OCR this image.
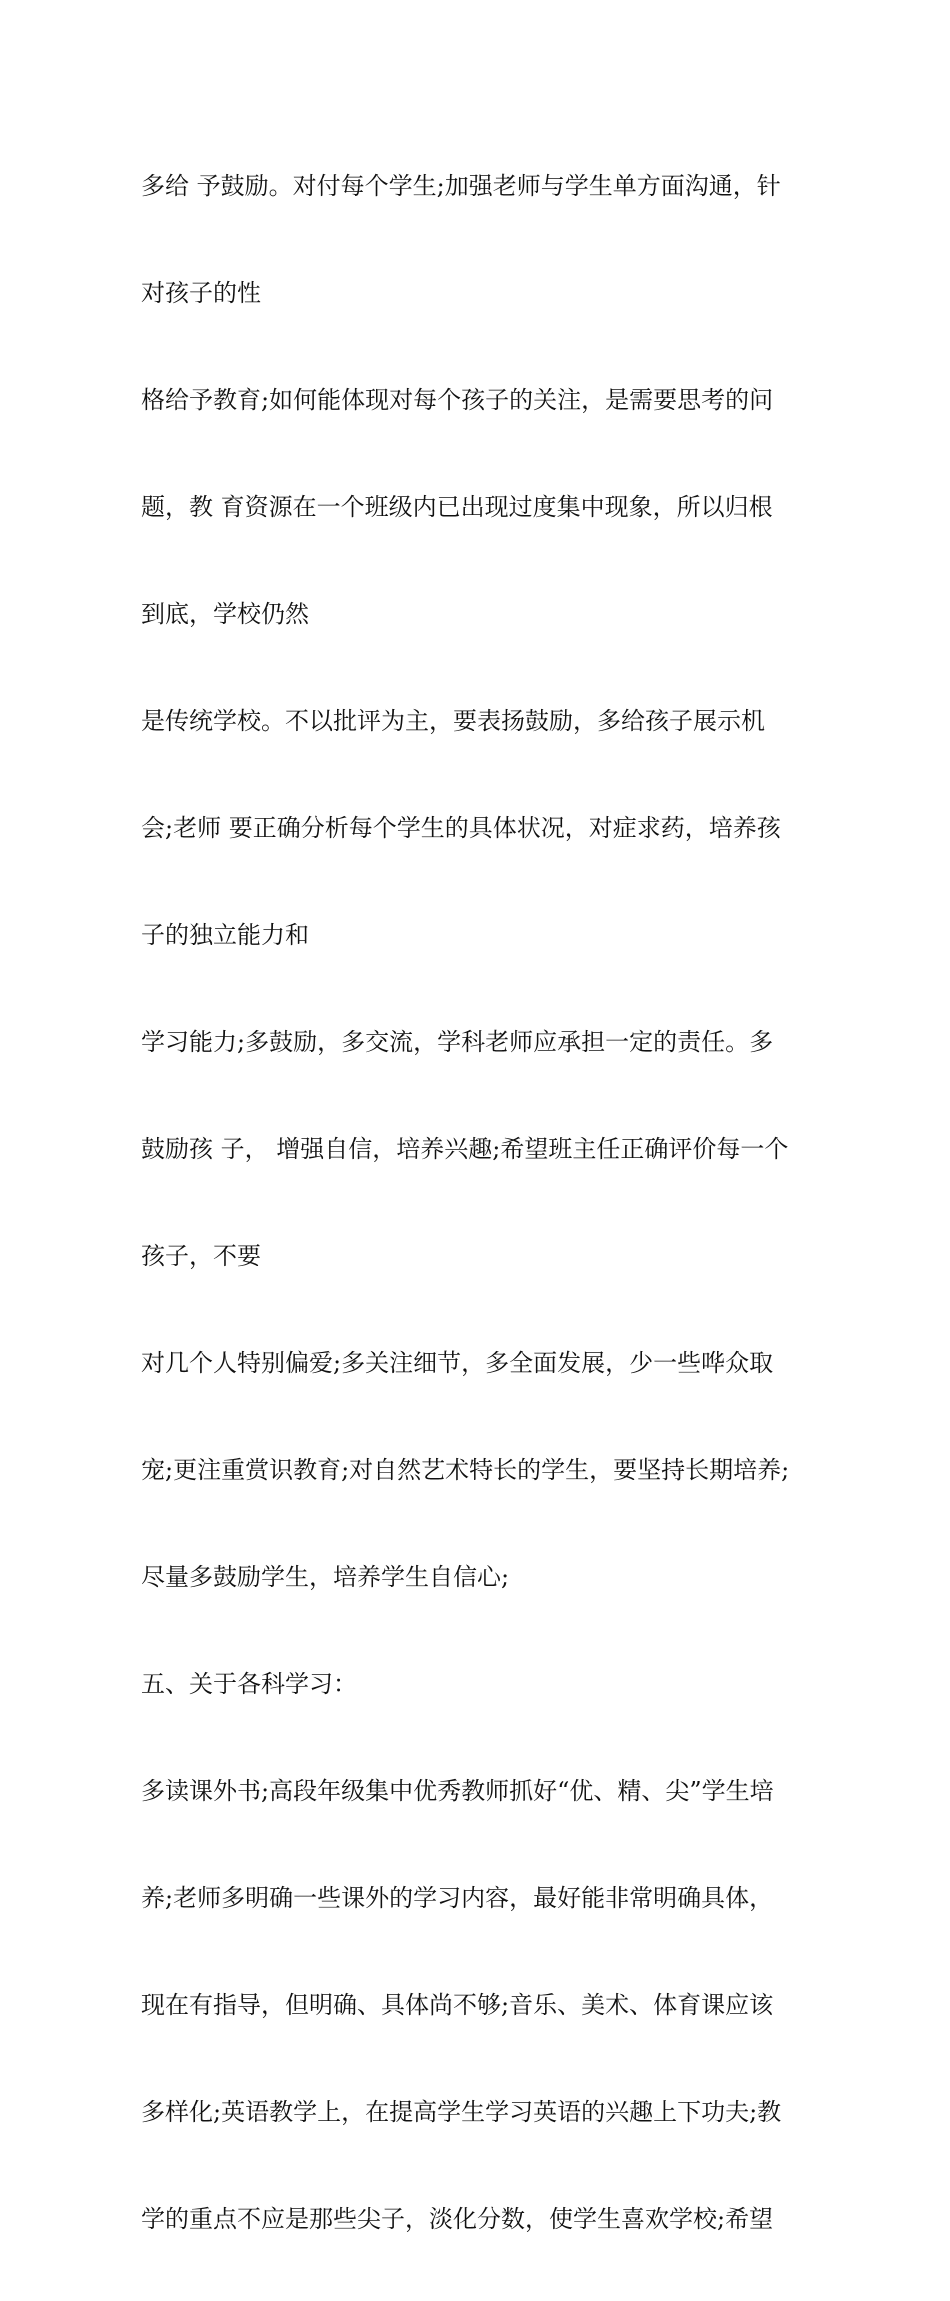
多给 予鼓励。对付每个学生;加强老师与学生单方面沟通，针

对孩子的性

格给予教育;如何能体现对每个孩子的关注，是需要思考的问

题，教 育资源在一个班级内已出现过度集中现象，所以归根

到底，学校仍然

是传统学校。不以批评为主，要表扬鼓励，多给孩子展示机

会;老师 要正确分析每个学生的具体状况，对症求药，培养孩

子的独立能力和

学习能力;多鼓励，多交流，学科老师应承担一定的责任。多

鼓励孩 子， 增强自信，培养兴趣;希望班主任正确评价每一个

孩子，不要

对几个人特别偏爱;多关注细节，多全面发展，少一些哗众取

宠;更注重赏识教育;对自然艺术特长的学生，要坚持长期培养;

尽量多鼓励学生，培养学生自信心;

五、关于各科学习：

多读课外书;高段年级集中优秀教师抓好“优、精、尖”学生培

养;老师多明确一些课外的学习内容，最好能非常明确具体，

现在有指导，但明确、具体尚不够;音乐、美术、体育课应该

多样化;英语教学上，在提高学生学习英语的兴趣上下功夫;教

学的重点不应是那些尖子，淡化分数，使学生喜欢学校;希望
